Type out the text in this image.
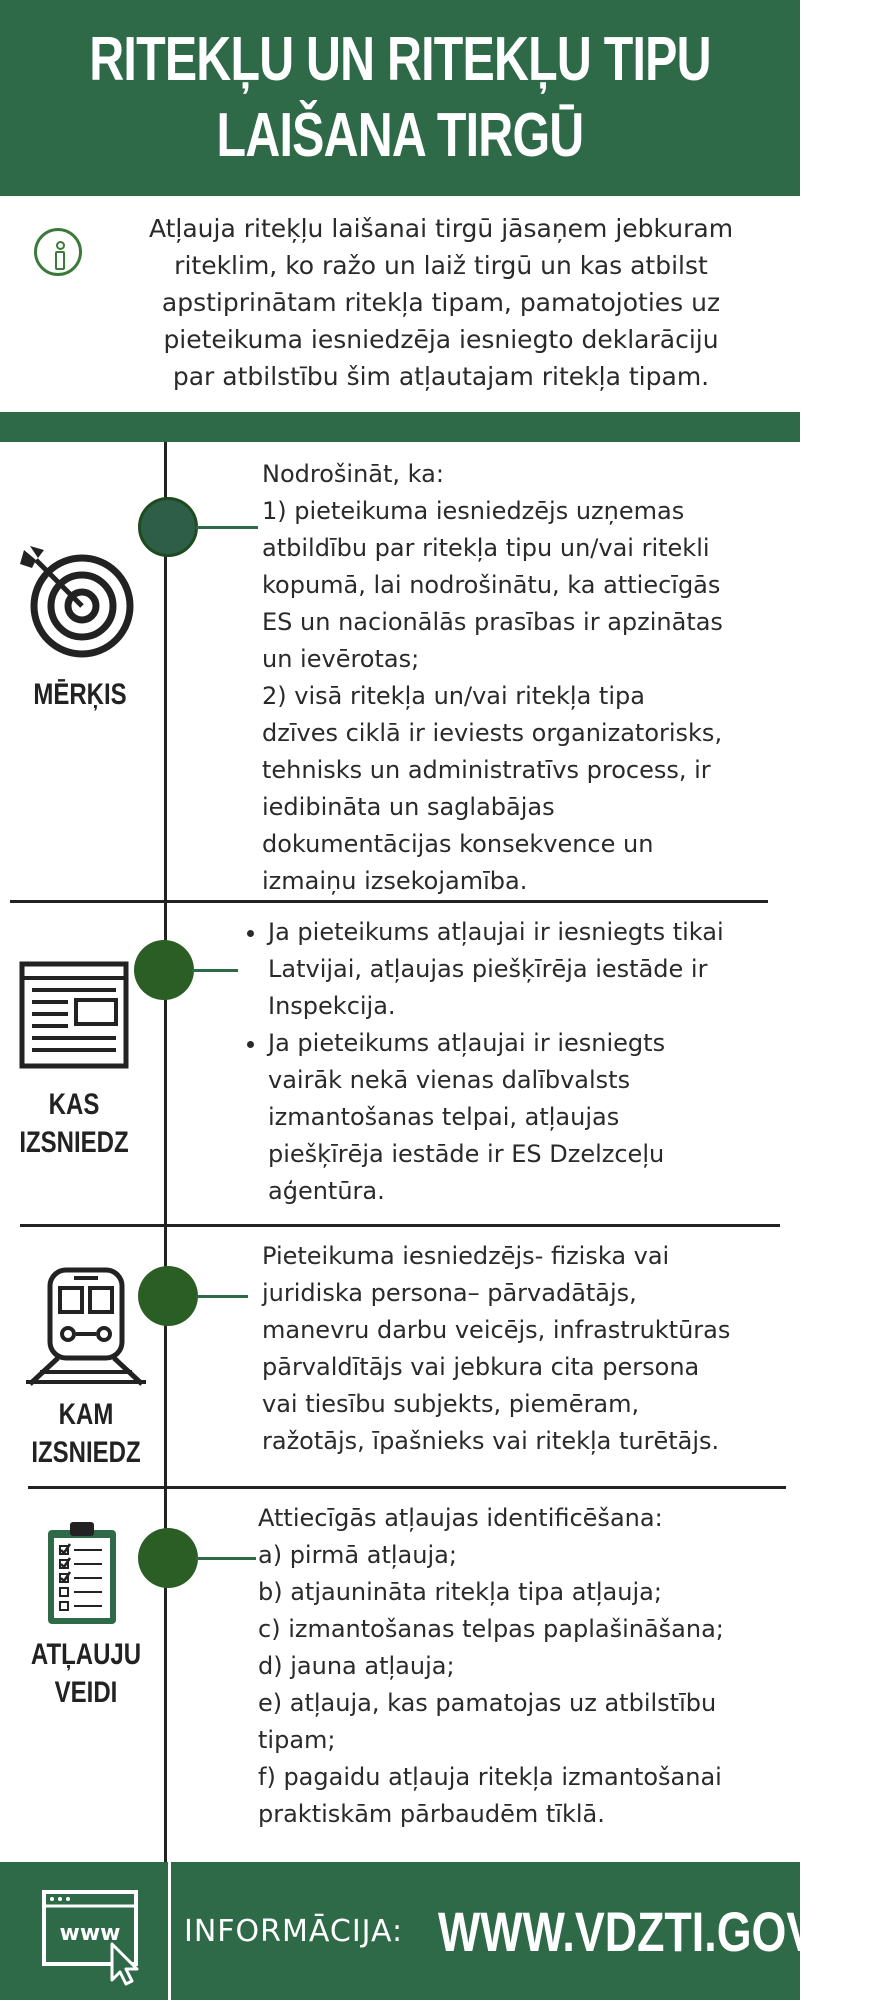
RITEKĻU UN RITEKĻU TIPU
LAIŠANA TIRGŪ
Atļauja riteķļu laišanai tirgū jāsaņem jebkuram
riteklim, ko ražo un laiž tirgū un kas atbilst
apstiprinātam ritekļa tipam, pamatojoties uz
pieteikuma iesniedzēja iesniegto deklarāciju
par atbilstību šim atļautajam ritekļa tipam.
MĒRĶIS
Nodrošināt, ka:
1) pieteikuma iesniedzējs uzņemas
atbildību par ritekļa tipu un/vai ritekli
kopumā, lai nodrošinātu, ka attiecīgās
ES un nacionālās prasības ir apzinātas
un ievērotas;
2) visā ritekļa un/vai ritekļa tipa
dzīves ciklā ir ieviests organizatorisks,
tehnisks un administratīvs process, ir
iedibināta un saglabājas
dokumentācijas konsekvence un
izmaiņu izsekojamība.
KAS
IZSNIEDZ
• Ja pieteikums atļaujai ir iesniegts tikai
Latvijai, atļaujas piešķīrēja iestāde ir
Inspekcija.
• Ja pieteikums atļaujai ir iesniegts
vairāk nekā vienas dalībvalsts
izmantošanas telpai, atļaujas
piešķīrēja iestāde ir ES Dzelzceļu
aģentūra.
KAM
IZSNIEDZ
Pieteikuma iesniedzējs- fiziska vai
juridiska persona– pārvadātājs,
manevru darbu veicējs, infrastruktūras
pārvaldītājs vai jebkura cita persona
vai tiesību subjekts, piemēram,
ražotājs, īpašnieks vai ritekļa turētājs.
ATĻAUJU
VEIDI
Attiecīgās atļaujas identificēšana:
a) pirmā atļauja;
b) atjaunināta ritekļa tipa atļauja;
c) izmantošanas telpas paplašināšana;
d) jauna atļauja;
e) atļauja, kas pamatojas uz atbilstību
tipam;
f) pagaidu atļauja ritekļa izmantošanai
praktiskām pārbaudēm tīklā.
www INFORMĀCIJA: WWW.VDZTI.GOV.LV
